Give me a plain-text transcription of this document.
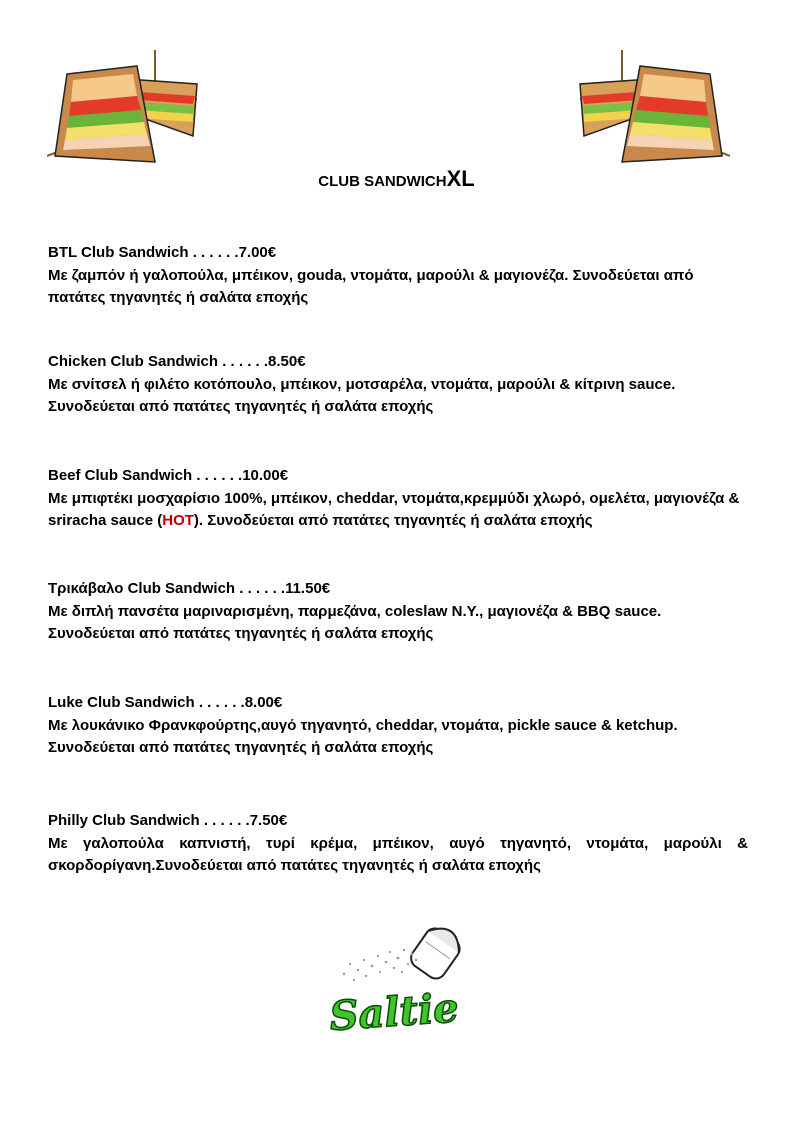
CLUB SANDWICHXL
BTL Club Sandwich . . . . . .7.00€
Με ζαμπόν ή γαλοπούλα, μπέικον, gouda, ντομάτα, μαρούλι & μαγιονέζα. Συνοδεύεται από πατάτες τηγανητές ή σαλάτα εποχής
Chicken Club Sandwich . . . . . .8.50€
Με σνίτσελ ή φιλέτο κοτόπουλο, μπέικον, μοτσαρέλα, ντομάτα, μαρούλι & κίτρινη sauce. Συνοδεύεται από πατάτες τηγανητές ή σαλάτα εποχής
Beef Club Sandwich . . . . . .10.00€
Με μπιφτέκι μοσχαρίσιο 100%, μπέικον, cheddar, ντομάτα,κρεμμύδι χλωρό, ομελέτα, μαγιονέζα & sriracha sauce (HOT). Συνοδεύεται από πατάτες τηγανητές ή σαλάτα εποχής
Τρικάβαλο Club Sandwich . . . . . .11.50€
Με διπλή πανσέτα μαριναρισμένη, παρμεζάνα, coleslaw N.Y., μαγιονέζα & BBQ sauce. Συνοδεύεται από πατάτες τηγανητές ή σαλάτα εποχής
Luke Club Sandwich . . . . . .8.00€
Με λουκάνικο Φρανκφούρτης,αυγό τηγανητό, cheddar, ντομάτα, pickle sauce & ketchup. Συνοδεύεται από πατάτες τηγανητές ή σαλάτα εποχής
Philly Club Sandwich . . . . . .7.50€
Με γαλοπούλα καπνιστή, τυρί κρέμα, μπέικον, αυγό τηγανητό, ντομάτα, μαρούλι & σκορδορίγανη.Συνοδεύεται από πατάτες τηγανητές ή σαλάτα εποχής
Saltie
